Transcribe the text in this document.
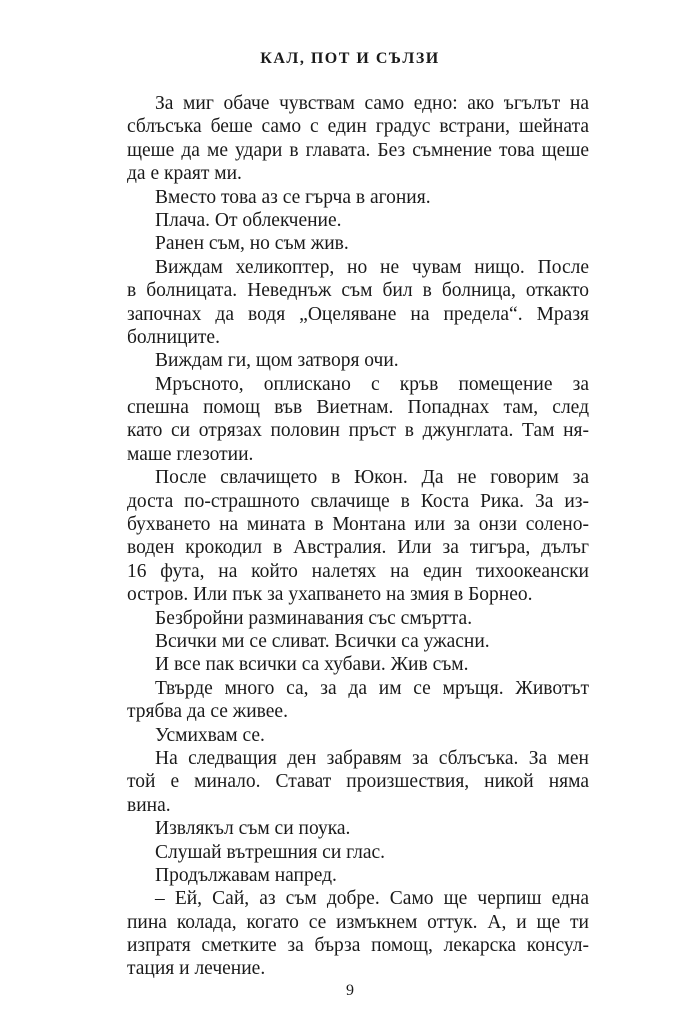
КАЛ, ПОТ И СЪЛЗИ
За миг обаче чувствам само едно: ако ъгълът на
сблъсъка беше само с един градус встрани, шейната
щеше да ме удари в главата. Без съмнение това щеше
да е краят ми.
Вместо това аз се гърча в агония.
Плача. От облекчение.
Ранен съм, но съм жив.
Виждам хеликоптер, но не чувам нищо. После
в болницата. Неведнъж съм бил в болница, откакто
започнах да водя „Оцеляване на предела“. Мразя
болниците.
Виждам ги, щом затворя очи.
Мръсното, оплискано с кръв помещение за
спешна помощ във Виетнам. Попаднах там, след
като си отрязах половин пръст в джунглата. Там ня-
маше глезотии.
После свлачището в Юкон. Да не говорим за
доста по-страшното свлачище в Коста Рика. За из-
бухването на мината в Монтана или за онзи солено-
воден крокодил в Австралия. Или за тигъра, дълъг
16 фута, на който налетях на един тихоокеански
остров. Или пък за ухапването на змия в Борнео.
Безбройни разминавания със смъртта.
Всички ми се сливат. Всички са ужасни.
И все пак всички са хубави. Жив съм.
Твърде много са, за да им се мръщя. Животът
трябва да се живее.
Усмихвам се.
На следващия ден забравям за сблъсъка. За мен
той е минало. Стават произшествия, никой няма
вина.
Извлякъл съм си поука.
Слушай вътрешния си глас.
Продължавам напред.
– Ей, Сай, аз съм добре. Само ще черпиш една
пина колада, когато се измъкнем оттук. А, и ще ти
изпратя сметките за бърза помощ, лекарска консул-
тация и лечение.
9
